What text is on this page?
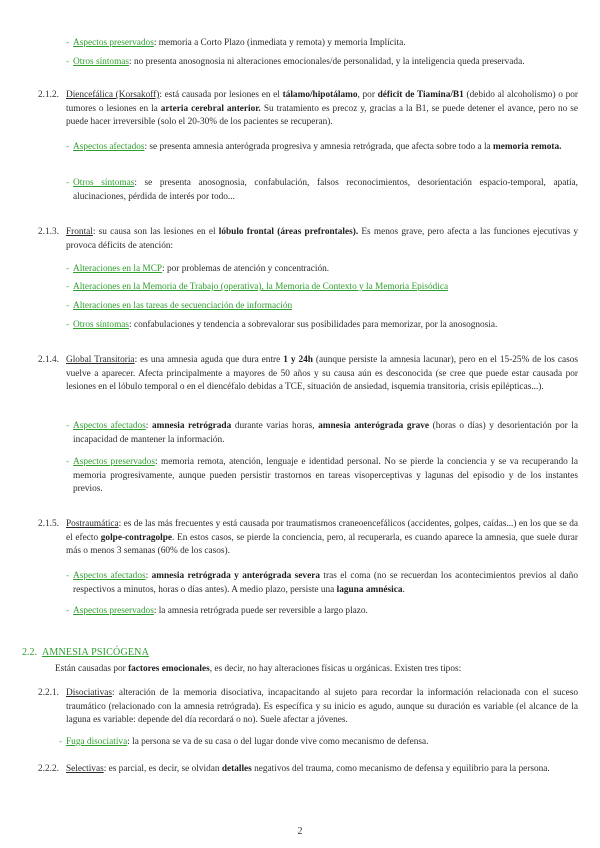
- Aspectos preservados: memoria a Corto Plazo (inmediata y remota) y memoria Implícita.

- Otros síntomas: no presenta anosognosia ni alteraciones emocionales/de personalidad, y la inteligencia queda preservada.

2.1.2. Diencefálica (Korsakoff): está causada por lesiones en el tálamo/hipotálamo, por déficit de Tiamina/B1 (debido al alcoholismo) o por tumores o lesiones en la arteria cerebral anterior. Su tratamiento es precoz y, gracias a la B1, se puede detener el avance, pero no se puede hacer irreversible (solo el 20-30% de los pacientes se recuperan).

- Aspectos afectados: se presenta amnesia anterógrada progresiva y amnesia retrógrada, que afecta sobre todo a la memoria remota.

- Otros síntomas: se presenta anosognosia, confabulación, falsos reconocimientos, desorientación espacio-temporal, apatía, alucinaciones, pérdida de interés por todo...

2.1.3. Frontal: su causa son las lesiones en el lóbulo frontal (áreas prefrontales). Es menos grave, pero afecta a las funciones ejecutivas y provoca déficits de atención:

- Alteraciones en la MCP: por problemas de atención y concentración.

- Alteraciones en la Memoria de Trabajo (operativa), la Memoria de Contexto y la Memoria Episódica

- Alteraciones en las tareas de secuenciación de información

- Otros síntomas: confabulaciones y tendencia a sobrevalorar sus posibilidades para memorizar, por la anosognosia.

2.1.4. Global Transitoria: es una amnesia aguda que dura entre 1 y 24h (aunque persiste la amnesia lacunar), pero en el 15-25% de los casos vuelve a aparecer. Afecta principalmente a mayores de 50 años y su causa aún es desconocida (se cree que puede estar causada por lesiones en el lóbulo temporal o en el diencéfalo debidas a TCE, situación de ansiedad, isquemia transitoria, crisis epilépticas...).

- Aspectos afectados: amnesia retrógrada durante varias horas, amnesia anterógrada grave (horas o días) y desorientación por la incapacidad de mantener la información.

- Aspectos preservados: memoria remota, atención, lenguaje e identidad personal. No se pierde la conciencia y se va recuperando la memoria progresivamente, aunque pueden persistir trastornos en tareas visoperceptivas y lagunas del episodio y de los instantes previos.

2.1.5. Postraumática: es de las más frecuentes y está causada por traumatismos craneoencefálicos (accidentes, golpes, caídas...) en los que se da el efecto golpe-contragolpe. En estos casos, se pierde la conciencia, pero, al recuperarla, es cuando aparece la amnesia, que suele durar más o menos 3 semanas (60% de los casos).

- Aspectos afectados: amnesia retrógrada y anterógrada severa tras el coma (no se recuerdan los acontecimientos previos al daño respectivos a minutos, horas o días antes). A medio plazo, persiste una laguna amnésica.

- Aspectos preservados: la amnesia retrógrada puede ser reversible a largo plazo.

2.2. AMNESIA PSICÓGENA

Están causadas por factores emocionales, es decir, no hay alteraciones físicas u orgánicas. Existen tres tipos:

2.2.1. Disociativas: alteración de la memoria disociativa, incapacitando al sujeto para recordar la información relacionada con el suceso traumático (relacionado con la amnesia retrógrada). Es específica y su inicio es agudo, aunque su duración es variable (el alcance de la laguna es variable: depende del día recordará o no). Suele afectar a jóvenes.

- Fuga disociativa: la persona se va de su casa o del lugar donde vive como mecanismo de defensa.

2.2.2. Selectivas: es parcial, es decir, se olvidan detalles negativos del trauma, como mecanismo de defensa y equilibrio para la persona.

2
